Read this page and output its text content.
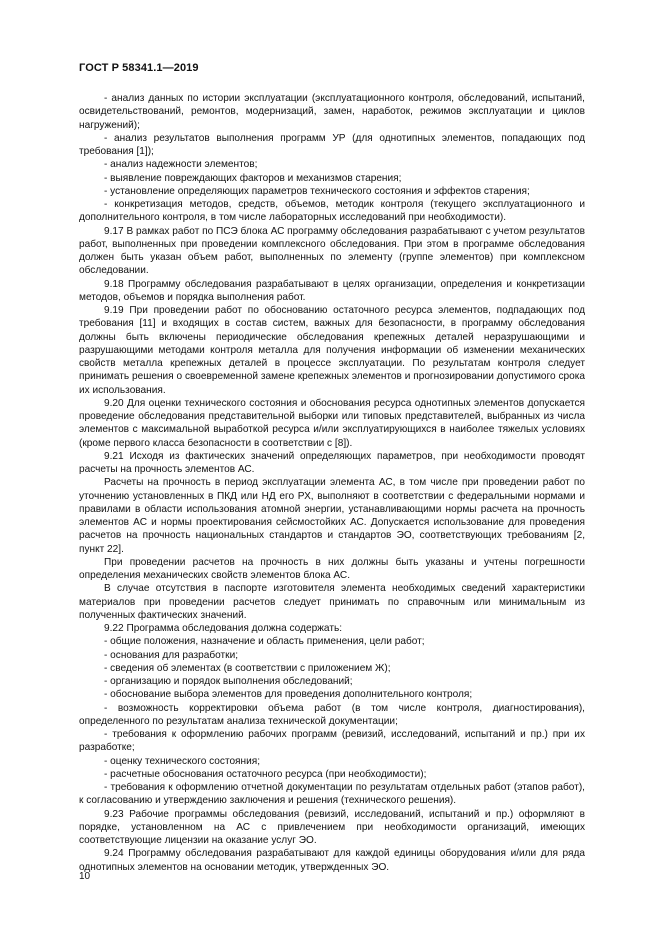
ГОСТ Р 58341.1—2019

- анализ данных по истории эксплуатации (эксплуатационного контроля, обследований, испытаний, освидетельствований, ремонтов, модернизаций, замен, наработок, режимов эксплуатации и циклов нагружений);

- анализ результатов выполнения программ УР (для однотипных элементов, попадающих под требования [1]);

- анализ надежности элементов;

- выявление повреждающих факторов и механизмов старения;

- установление определяющих параметров технического состояния и эффектов старения;

- конкретизация методов, средств, объемов, методик контроля (текущего эксплуатационного и дополнительного контроля, в том числе лабораторных исследований при необходимости).

9.17 В рамках работ по ПСЭ блока АС программу обследования разрабатывают с учетом результатов работ, выполненных при проведении комплексного обследования. При этом в программе обследования должен быть указан объем работ, выполненных по элементу (группе элементов) при комплексном обследовании.

9.18 Программу обследования разрабатывают в целях организации, определения и конкретизации методов, объемов и порядка выполнения работ.

9.19 При проведении работ по обоснованию остаточного ресурса элементов, подпадающих под требования [11] и входящих в состав систем, важных для безопасности, в программу обследования должны быть включены периодические обследования крепежных деталей неразрушающими и разрушающими методами контроля металла для получения информации об изменении механических свойств металла крепежных деталей в процессе эксплуатации. По результатам контроля следует принимать решения о своевременной замене крепежных элементов и прогнозировании допустимого срока их использования.

9.20 Для оценки технического состояния и обоснования ресурса однотипных элементов допускается проведение обследования представительной выборки или типовых представителей, выбранных из числа элементов с максимальной выработкой ресурса и/или эксплуатирующихся в наиболее тяжелых условиях (кроме первого класса безопасности в соответствии с [8]).

9.21 Исходя из фактических значений определяющих параметров, при необходимости проводят расчеты на прочность элементов АС.

Расчеты на прочность в период эксплуатации элемента АС, в том числе при проведении работ по уточнению установленных в ПКД или НД его РХ, выполняют в соответствии с федеральными нормами и правилами в области использования атомной энергии, устанавливающими нормы расчета на прочность элементов АС и нормы проектирования сейсмостойких АС. Допускается использование для проведения расчетов на прочность национальных стандартов и стандартов ЭО, соответствующих требованиям [2, пункт 22].

При проведении расчетов на прочность в них должны быть указаны и учтены погрешности определения механических свойств элементов блока АС.

В случае отсутствия в паспорте изготовителя элемента необходимых сведений характеристики материалов при проведении расчетов следует принимать по справочным или минимальным из полученных фактических значений.

9.22 Программа обследования должна содержать:

- общие положения, назначение и область применения, цели работ;

- основания для разработки;

- сведения об элементах (в соответствии с приложением Ж);

- организацию и порядок выполнения обследований;

- обоснование выбора элементов для проведения дополнительного контроля;

- возможность корректировки объема работ (в том числе контроля, диагностирования), определенного по результатам анализа технической документации;

- требования к оформлению рабочих программ (ревизий, исследований, испытаний и пр.) при их разработке;

- оценку технического состояния;

- расчетные обоснования остаточного ресурса (при необходимости);

- требования к оформлению отчетной документации по результатам отдельных работ (этапов работ), к согласованию и утверждению заключения и решения (технического решения).

9.23 Рабочие программы обследования (ревизий, исследований, испытаний и пр.) оформляют в порядке, установленном на АС с привлечением при необходимости организаций, имеющих соответствующие лицензии на оказание услуг ЭО.

9.24 Программу обследования разрабатывают для каждой единицы оборудования и/или для ряда однотипных элементов на основании методик, утвержденных ЭО.

10
